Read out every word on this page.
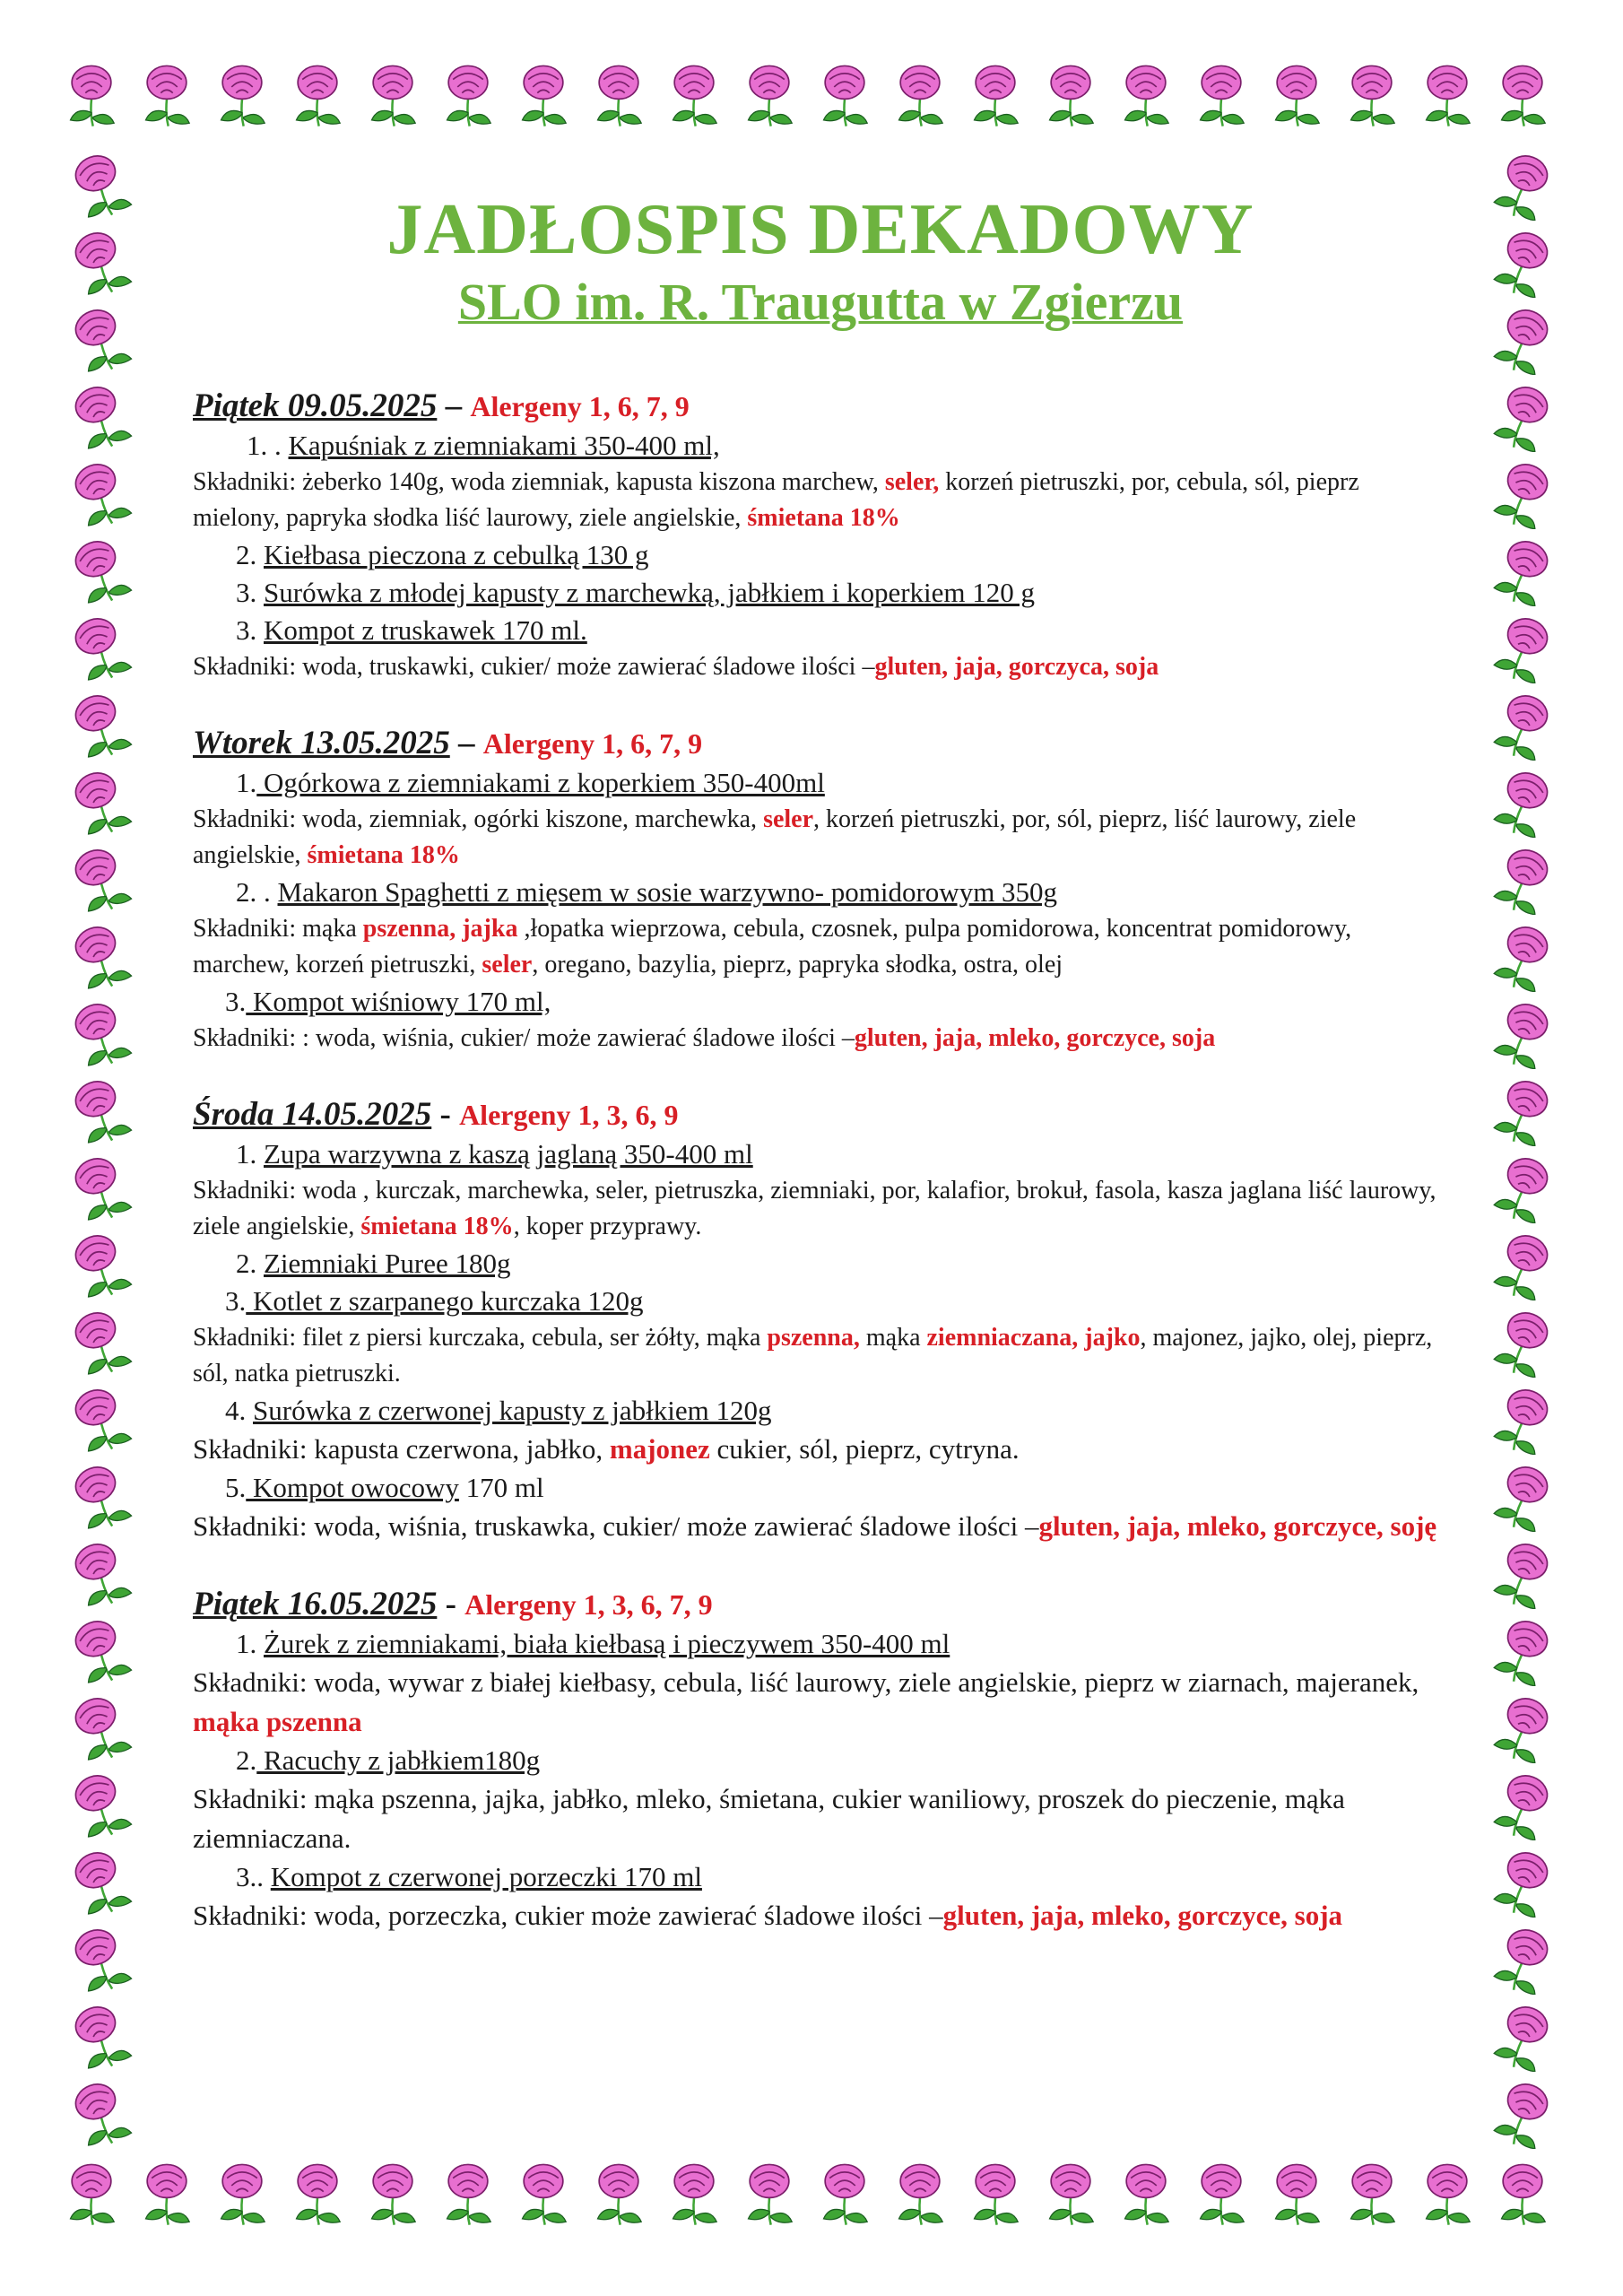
JADŁOSPIS DEKADOWY
SLO im. R. Traugutta w Zgierzu
Piątek 09.05.2025 – Alergeny 1, 6, 7, 9
1. . Kapuśniak z ziemniakami 350-400 ml,
Składniki: żeberko 140g, woda ziemniak, kapusta kiszona marchew, seler, korzeń pietruszki, por, cebula, sól, pieprz mielony, papryka słodka liść laurowy, ziele angielskie, śmietana 18%
2. Kiełbasa pieczona z cebulką 130 g
3. Surówka z młodej kapusty z marchewką, jabłkiem i koperkiem 120 g
3. Kompot z truskawek 170 ml.
Składniki: woda, truskawki, cukier/ może zawierać śladowe ilości –gluten, jaja, gorczyca, soja
Wtorek 13.05.2025 – Alergeny 1, 6, 7, 9
1. Ogórkowa z ziemniakami z koperkiem 350-400ml
Składniki: woda, ziemniak, ogórki kiszone, marchewka, seler, korzeń pietruszki, por, sól, pieprz, liść laurowy, ziele angielskie, śmietana 18%
2. . Makaron Spaghetti z mięsem w sosie warzywno- pomidorowym 350g
Składniki: mąka pszenna, jajka ,łopatka wieprzowa, cebula, czosnek, pulpa pomidorowa, koncentrat pomidorowy, marchew, korzeń pietruszki, seler, oregano, bazylia, pieprz, papryka słodka, ostra, olej
3. Kompot wiśniowy 170 ml,
Składniki: : woda, wiśnia, cukier/ może zawierać śladowe ilości –gluten, jaja, mleko, gorczyce, soja
Środa 14.05.2025 - Alergeny 1, 3, 6, 9
1. Zupa warzywna z kaszą jaglaną 350-400 ml
Składniki: woda , kurczak, marchewka, seler, pietruszka, ziemniaki, por, kalafior, brokuł, fasola, kasza jaglana liść laurowy, ziele angielskie, śmietana 18%, koper przyprawy.
2. Ziemniaki Puree 180g
3. Kotlet z szarpanego kurczaka 120g
Składniki: filet z piersi kurczaka, cebula, ser żółty, mąka pszenna, mąka ziemniaczana, jajko, majonez, jajko, olej, pieprz, sól, natka pietruszki.
4. Surówka z czerwonej kapusty z jabłkiem 120g
Składniki: kapusta czerwona, jabłko, majonez cukier, sól, pieprz, cytryna.
5. Kompot owocowy 170 ml
Składniki: woda, wiśnia, truskawka, cukier/ może zawierać śladowe ilości –gluten, jaja, mleko, gorczyce, soję
Piątek 16.05.2025 - Alergeny 1, 3, 6, 7, 9
1. Żurek z ziemniakami, biała kiełbasą i pieczywem 350-400 ml
Składniki: woda, wywar z białej kiełbasy, cebula, liść laurowy, ziele angielskie, pieprz w ziarnach, majeranek, mąka pszenna
2. Racuchy z jabłkiem180g
Składniki: mąka pszenna, jajka, jabłko, mleko, śmietana, cukier waniliowy, proszek do pieczenie, mąka ziemniaczana.
3.. Kompot z czerwonej porzeczki 170 ml
Składniki: woda, porzeczka, cukier może zawierać śladowe ilości –gluten, jaja, mleko, gorczyce, soja
